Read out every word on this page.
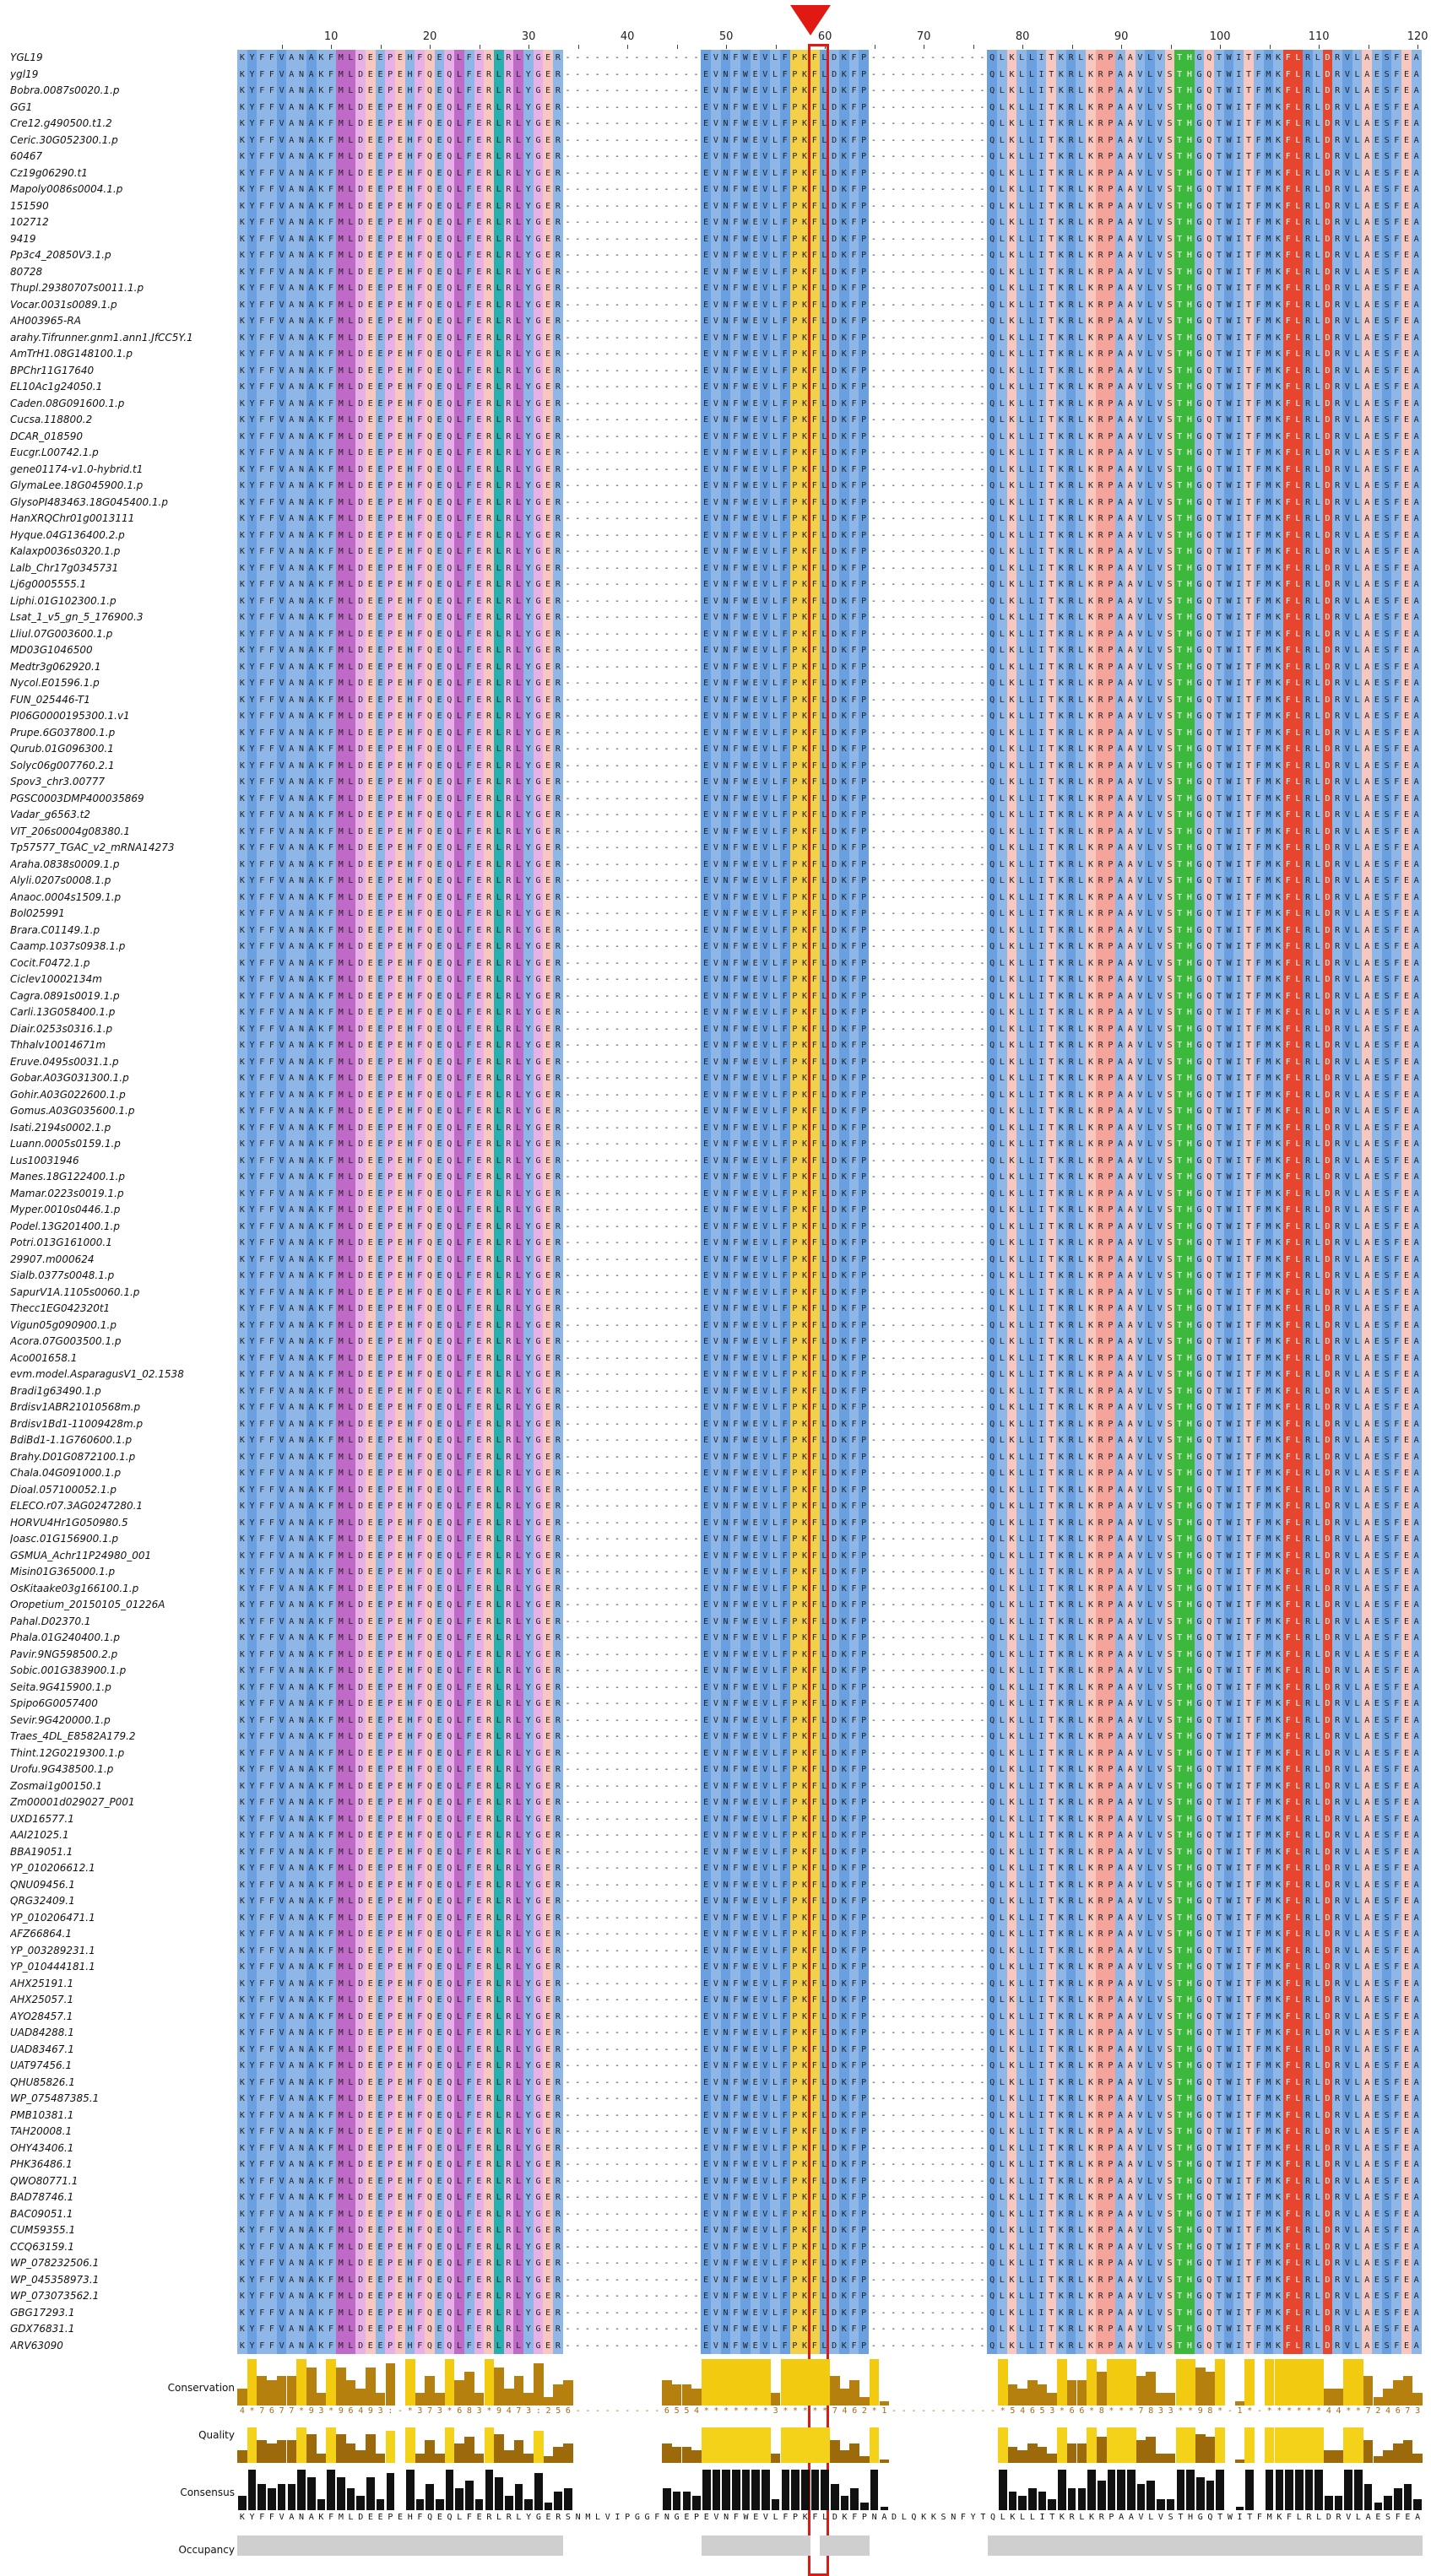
10	20	30	40	50	60	70	80	90	100	110	120
YGL19
ygl19
Bobra.0087s0020.1.p
GG1
Cre12.g490500.t1.2
Ceric.30G052300.1.p
60467
Cz19g06290.t1
Mapoly0086s0004.1.p
151590
102712
9419
Pp3c4_20850V3.1.p
80728
Thupl.29380707s0011.1.p
Vocar.0031s0089.1.p
AH003965-RA
arahy.Tifrunner.gnm1.ann1.JfCC5Y.1
AmTrH1.08G148100.1.p
BPChr11G17640
EL10Ac1g24050.1
Caden.08G091600.1.p
Cucsa.118800.2
DCAR_018590
Eucgr.L00742.1.p
gene01174-v1.0-hybrid.t1
GlymaLee.18G045900.1.p
GlysoPI483463.18G045400.1.p
HanXRQChr01g0013111
Hyque.04G136400.2.p
Kalaxp0036s0320.1.p
Lalb_Chr17g0345731
Lj6g0005555.1
Liphi.01G102300.1.p
Lsat_1_v5_gn_5_176900.3
Lliul.07G003600.1.p
MD03G1046500
Medtr3g062920.1
Nycol.E01596.1.p
FUN_025446-T1
PI06G0000195300.1.v1
Prupe.6G037800.1.p
Qurub.01G096300.1
Solyc06g007760.2.1
Spov3_chr3.00777
PGSC0003DMP400035869
Vadar_g6563.t2
VIT_206s0004g08380.1
Tp57577_TGAC_v2_mRNA14273
Araha.0838s0009.1.p
Alyli.0207s0008.1.p
Anaoc.0004s1509.1.p
Bol025991
Brara.C01149.1.p
Caamp.1037s0938.1.p
Cocit.F0472.1.p
Ciclev10002134m
Cagra.0891s0019.1.p
Carli.13G058400.1.p
Diair.0253s0316.1.p
Thhalv10014671m
Eruve.0495s0031.1.p
Gobar.A03G031300.1.p
Gohir.A03G022600.1.p
Gomus.A03G035600.1.p
Isati.2194s0002.1.p
Luann.0005s0159.1.p
Lus10031946
Manes.18G122400.1.p
Mamar.0223s0019.1.p
Myper.0010s0446.1.p
Podel.13G201400.1.p
Potri.013G161000.1
29907.m000624
Sialb.0377s0048.1.p
SapurV1A.1105s0060.1.p
Thecc1EG042320t1
Vigun05g090900.1.p
Acora.07G003500.1.p
Aco001658.1
evm.model.AsparagusV1_02.1538
Bradi1g63490.1.p
Brdisv1ABR21010568m.p
Brdisv1Bd1-11009428m.p
BdiBd1-1.1G760600.1.p
Brahy.D01G0872100.1.p
Chala.04G091000.1.p
Dioal.057100052.1.p
ELECO.r07.3AG0247280.1
HORVU4Hr1G050980.5
Joasc.01G156900.1.p
GSMUA_Achr11P24980_001
Misin01G365000.1.p
OsKitaake03g166100.1.p
Oropetium_20150105_01226A
Pahal.D02370.1
Phala.01G240400.1.p
Pavir.9NG598500.2.p
Sobic.001G383900.1.p
Seita.9G415900.1.p
Spipo6G0057400
Sevir.9G420000.1.p
Traes_4DL_E8582A179.2
Thint.12G0219300.1.p
Urofu.9G438500.1.p
Zosmai1g00150.1
Zm00001d029027_P001
UXD16577.1
AAI21025.1
BBA19051.1
YP_010206612.1
QNU09456.1
QRG32409.1
YP_010206471.1
AFZ66864.1
YP_003289231.1
YP_010444181.1
AHX25191.1
AHX25057.1
AYO28457.1
UAD84288.1
UAD83467.1
UAT97456.1
QHU85826.1
WP_075487385.1
PMB10381.1
TAH20008.1
OHY43406.1
PHK36486.1
QWO80771.1
BAD78746.1
BAC09051.1
CUM59355.1
CCQ63159.1
WP_078232506.1
WP_045358973.1
WP_073073562.1
GBG17293.1
GDX76831.1
ARV63090
K Y F F V A N A K F M L D E E P E H F Q E Q L F E R L R L Y G E R - - - - - - - - - - - - - - E V N F W E V L F P K F L D K F P - - - - - - - - - - - - Q L K L L I T K R L K R P A A V L V S T H G Q T W I T F M K F L R L D R V L A E S F E A
K Y F F V A N A K F M L D E E P E H F Q E Q L F E R L R L Y G E R - - - - - - - - - - - - - - E V N F W E V L F P K F L D K F P - - - - - - - - - - - - Q L K L L I T K R L K R P A A V L V S T H G Q T W I T F M K F L R L D R V L A E S F E A
K Y F F V A N A K F M L D E E P E H F Q E Q L F E R L R L Y G E R - - - - - - - - - - - - - - E V N F W E V L F P K F L D K F P - - - - - - - - - - - - Q L K L L I T K R L K R P A A V L V S T H G Q T W I T F M K F L R L D R V L A E S F E A
K Y F F V A N A K F M L D E E P E H F Q E Q L F E R L R L Y G E R - - - - - - - - - - - - - - E V N F W E V L F P K F L D K F P - - - - - - - - - - - - Q L K L L I T K R L K R P A A V L V S T H G Q T W I T F M K F L R L D R V L A E S F E A
K Y F F V A N A K F M L D E E P E H F Q E Q L F E R L R L Y G E R - - - - - - - - - - - - - - E V N F W E V L F P K F L D K F P - - - - - - - - - - - - Q L K L L I T K R L K R P A A V L V S T H G Q T W I T F M K F L R L D R V L A E S F E A
K Y F F V A N A K F M L D E E P E H F Q E Q L F E R L R L Y G E R - - - - - - - - - - - - - - E V N F W E V L F P K F L D K F P - - - - - - - - - - - - Q L K L L I T K R L K R P A A V L V S T H G Q T W I T F M K F L R L D R V L A E S F E A
K Y F F V A N A K F M L D E E P E H F Q E Q L F E R L R L Y G E R - - - - - - - - - - - - - - E V N F W E V L F P K F L D K F P - - - - - - - - - - - - Q L K L L I T K R L K R P A A V L V S T H G Q T W I T F M K F L R L D R V L A E S F E A
K Y F F V A N A K F M L D E E P E H F Q E Q L F E R L R L Y G E R - - - - - - - - - - - - - - E V N F W E V L F P K F L D K F P - - - - - - - - - - - - Q L K L L I T K R L K R P A A V L V S T H G Q T W I T F M K F L R L D R V L A E S F E A
K Y F F V A N A K F M L D E E P E H F Q E Q L F E R L R L Y G E R - - - - - - - - - - - - - - E V N F W E V L F P K F L D K F P - - - - - - - - - - - - Q L K L L I T K R L K R P A A V L V S T H G Q T W I T F M K F L R L D R V L A E S F E A
K Y F F V A N A K F M L D E E P E H F Q E Q L F E R L R L Y G E R - - - - - - - - - - - - - - E V N F W E V L F P K F L D K F P - - - - - - - - - - - - Q L K L L I T K R L K R P A A V L V S T H G Q T W I T F M K F L R L D R V L A E S F E A
K Y F F V A N A K F M L D E E P E H F Q E Q L F E R L R L Y G E R - - - - - - - - - - - - - - E V N F W E V L F P K F L D K F P - - - - - - - - - - - - Q L K L L I T K R L K R P A A V L V S T H G Q T W I T F M K F L R L D R V L A E S F E A
K Y F F V A N A K F M L D E E P E H F Q E Q L F E R L R L Y G E R - - - - - - - - - - - - - - E V N F W E V L F P K F L D K F P - - - - - - - - - - - - Q L K L L I T K R L K R P A A V L V S T H G Q T W I T F M K F L R L D R V L A E S F E A
K Y F F V A N A K F M L D E E P E H F Q E Q L F E R L R L Y G E R - - - - - - - - - - - - - - E V N F W E V L F P K F L D K F P - - - - - - - - - - - - Q L K L L I T K R L K R P A A V L V S T H G Q T W I T F M K F L R L D R V L A E S F E A
K Y F F V A N A K F M L D E E P E H F Q E Q L F E R L R L Y G E R - - - - - - - - - - - - - - E V N F W E V L F P K F L D K F P - - - - - - - - - - - - Q L K L L I T K R L K R P A A V L V S T H G Q T W I T F M K F L R L D R V L A E S F E A
K Y F F V A N A K F M L D E E P E H F Q E Q L F E R L R L Y G E R - - - - - - - - - - - - - - E V N F W E V L F P K F L D K F P - - - - - - - - - - - - Q L K L L I T K R L K R P A A V L V S T H G Q T W I T F M K F L R L D R V L A E S F E A
K Y F F V A N A K F M L D E E P E H F Q E Q L F E R L R L Y G E R - - - - - - - - - - - - - - E V N F W E V L F P K F L D K F P - - - - - - - - - - - - Q L K L L I T K R L K R P A A V L V S T H G Q T W I T F M K F L R L D R V L A E S F E A
K Y F F V A N A K F M L D E E P E H F Q E Q L F E R L R L Y G E R - - - - - - - - - - - - - - E V N F W E V L F P K F L D K F P - - - - - - - - - - - - Q L K L L I T K R L K R P A A V L V S T H G Q T W I T F M K F L R L D R V L A E S F E A
K Y F F V A N A K F M L D E E P E H F Q E Q L F E R L R L Y G E R - - - - - - - - - - - - - - E V N F W E V L F P K F L D K F P - - - - - - - - - - - - Q L K L L I T K R L K R P A A V L V S T H G Q T W I T F M K F L R L D R V L A E S F E A
K Y F F V A N A K F M L D E E P E H F Q E Q L F E R L R L Y G E R - - - - - - - - - - - - - - E V N F W E V L F P K F L D K F P - - - - - - - - - - - - Q L K L L I T K R L K R P A A V L V S T H G Q T W I T F M K F L R L D R V L A E S F E A
K Y F F V A N A K F M L D E E P E H F Q E Q L F E R L R L Y G E R - - - - - - - - - - - - - - E V N F W E V L F P K F L D K F P - - - - - - - - - - - - Q L K L L I T K R L K R P A A V L V S T H G Q T W I T F M K F L R L D R V L A E S F E A
K Y F F V A N A K F M L D E E P E H F Q E Q L F E R L R L Y G E R - - - - - - - - - - - - - - E V N F W E V L F P K F L D K F P - - - - - - - - - - - - Q L K L L I T K R L K R P A A V L V S T H G Q T W I T F M K F L R L D R V L A E S F E A
K Y F F V A N A K F M L D E E P E H F Q E Q L F E R L R L Y G E R - - - - - - - - - - - - - - E V N F W E V L F P K F L D K F P - - - - - - - - - - - - Q L K L L I T K R L K R P A A V L V S T H G Q T W I T F M K F L R L D R V L A E S F E A
K Y F F V A N A K F M L D E E P E H F Q E Q L F E R L R L Y G E R - - - - - - - - - - - - - - E V N F W E V L F P K F L D K F P - - - - - - - - - - - - Q L K L L I T K R L K R P A A V L V S T H G Q T W I T F M K F L R L D R V L A E S F E A
K Y F F V A N A K F M L D E E P E H F Q E Q L F E R L R L Y G E R - - - - - - - - - - - - - - E V N F W E V L F P K F L D K F P - - - - - - - - - - - - Q L K L L I T K R L K R P A A V L V S T H G Q T W I T F M K F L R L D R V L A E S F E A
K Y F F V A N A K F M L D E E P E H F Q E Q L F E R L R L Y G E R - - - - - - - - - - - - - - E V N F W E V L F P K F L D K F P - - - - - - - - - - - - Q L K L L I T K R L K R P A A V L V S T H G Q T W I T F M K F L R L D R V L A E S F E A
K Y F F V A N A K F M L D E E P E H F Q E Q L F E R L R L Y G E R - - - - - - - - - - - - - - E V N F W E V L F P K F L D K F P - - - - - - - - - - - - Q L K L L I T K R L K R P A A V L V S T H G Q T W I T F M K F L R L D R V L A E S F E A
K Y F F V A N A K F M L D E E P E H F Q E Q L F E R L R L Y G E R - - - - - - - - - - - - - - E V N F W E V L F P K F L D K F P - - - - - - - - - - - - Q L K L L I T K R L K R P A A V L V S T H G Q T W I T F M K F L R L D R V L A E S F E A
K Y F F V A N A K F M L D E E P E H F Q E Q L F E R L R L Y G E R - - - - - - - - - - - - - - E V N F W E V L F P K F L D K F P - - - - - - - - - - - - Q L K L L I T K R L K R P A A V L V S T H G Q T W I T F M K F L R L D R V L A E S F E A
K Y F F V A N A K F M L D E E P E H F Q E Q L F E R L R L Y G E R - - - - - - - - - - - - - - E V N F W E V L F P K F L D K F P - - - - - - - - - - - - Q L K L L I T K R L K R P A A V L V S T H G Q T W I T F M K F L R L D R V L A E S F E A
K Y F F V A N A K F M L D E E P E H F Q E Q L F E R L R L Y G E R - - - - - - - - - - - - - - E V N F W E V L F P K F L D K F P - - - - - - - - - - - - Q L K L L I T K R L K R P A A V L V S T H G Q T W I T F M K F L R L D R V L A E S F E A
K Y F F V A N A K F M L D E E P E H F Q E Q L F E R L R L Y G E R - - - - - - - - - - - - - - E V N F W E V L F P K F L D K F P - - - - - - - - - - - - Q L K L L I T K R L K R P A A V L V S T H G Q T W I T F M K F L R L D R V L A E S F E A
K Y F F V A N A K F M L D E E P E H F Q E Q L F E R L R L Y G E R - - - - - - - - - - - - - - E V N F W E V L F P K F L D K F P - - - - - - - - - - - - Q L K L L I T K R L K R P A A V L V S T H G Q T W I T F M K F L R L D R V L A E S F E A
K Y F F V A N A K F M L D E E P E H F Q E Q L F E R L R L Y G E R - - - - - - - - - - - - - - E V N F W E V L F P K F L D K F P - - - - - - - - - - - - Q L K L L I T K R L K R P A A V L V S T H G Q T W I T F M K F L R L D R V L A E S F E A
K Y F F V A N A K F M L D E E P E H F Q E Q L F E R L R L Y G E R - - - - - - - - - - - - - - E V N F W E V L F P K F L D K F P - - - - - - - - - - - - Q L K L L I T K R L K R P A A V L V S T H G Q T W I T F M K F L R L D R V L A E S F E A
K Y F F V A N A K F M L D E E P E H F Q E Q L F E R L R L Y G E R - - - - - - - - - - - - - - E V N F W E V L F P K F L D K F P - - - - - - - - - - - - Q L K L L I T K R L K R P A A V L V S T H G Q T W I T F M K F L R L D R V L A E S F E A
K Y F F V A N A K F M L D E E P E H F Q E Q L F E R L R L Y G E R - - - - - - - - - - - - - - E V N F W E V L F P K F L D K F P - - - - - - - - - - - - Q L K L L I T K R L K R P A A V L V S T H G Q T W I T F M K F L R L D R V L A E S F E A
K Y F F V A N A K F M L D E E P E H F Q E Q L F E R L R L Y G E R - - - - - - - - - - - - - - E V N F W E V L F P K F L D K F P - - - - - - - - - - - - Q L K L L I T K R L K R P A A V L V S T H G Q T W I T F M K F L R L D R V L A E S F E A
K Y F F V A N A K F M L D E E P E H F Q E Q L F E R L R L Y G E R - - - - - - - - - - - - - - E V N F W E V L F P K F L D K F P - - - - - - - - - - - - Q L K L L I T K R L K R P A A V L V S T H G Q T W I T F M K F L R L D R V L A E S F E A
K Y F F V A N A K F M L D E E P E H F Q E Q L F E R L R L Y G E R - - - - - - - - - - - - - - E V N F W E V L F P K F L D K F P - - - - - - - - - - - - Q L K L L I T K R L K R P A A V L V S T H G Q T W I T F M K F L R L D R V L A E S F E A
K Y F F V A N A K F M L D E E P E H F Q E Q L F E R L R L Y G E R - - - - - - - - - - - - - - E V N F W E V L F P K F L D K F P - - - - - - - - - - - - Q L K L L I T K R L K R P A A V L V S T H G Q T W I T F M K F L R L D R V L A E S F E A
K Y F F V A N A K F M L D E E P E H F Q E Q L F E R L R L Y G E R - - - - - - - - - - - - - - E V N F W E V L F P K F L D K F P - - - - - - - - - - - - Q L K L L I T K R L K R P A A V L V S T H G Q T W I T F M K F L R L D R V L A E S F E A
K Y F F V A N A K F M L D E E P E H F Q E Q L F E R L R L Y G E R - - - - - - - - - - - - - - E V N F W E V L F P K F L D K F P - - - - - - - - - - - - Q L K L L I T K R L K R P A A V L V S T H G Q T W I T F M K F L R L D R V L A E S F E A
K Y F F V A N A K F M L D E E P E H F Q E Q L F E R L R L Y G E R - - - - - - - - - - - - - - E V N F W E V L F P K F L D K F P - - - - - - - - - - - - Q L K L L I T K R L K R P A A V L V S T H G Q T W I T F M K F L R L D R V L A E S F E A
K Y F F V A N A K F M L D E E P E H F Q E Q L F E R L R L Y G E R - - - - - - - - - - - - - - E V N F W E V L F P K F L D K F P - - - - - - - - - - - - Q L K L L I T K R L K R P A A V L V S T H G Q T W I T F M K F L R L D R V L A E S F E A
K Y F F V A N A K F M L D E E P E H F Q E Q L F E R L R L Y G E R - - - - - - - - - - - - - - E V N F W E V L F P K F L D K F P - - - - - - - - - - - - Q L K L L I T K R L K R P A A V L V S T H G Q T W I T F M K F L R L D R V L A E S F E A
K Y F F V A N A K F M L D E E P E H F Q E Q L F E R L R L Y G E R - - - - - - - - - - - - - - E V N F W E V L F P K F L D K F P - - - - - - - - - - - - Q L K L L I T K R L K R P A A V L V S T H G Q T W I T F M K F L R L D R V L A E S F E A
K Y F F V A N A K F M L D E E P E H F Q E Q L F E R L R L Y G E R - - - - - - - - - - - - - - E V N F W E V L F P K F L D K F P - - - - - - - - - - - - Q L K L L I T K R L K R P A A V L V S T H G Q T W I T F M K F L R L D R V L A E S F E A
K Y F F V A N A K F M L D E E P E H F Q E Q L F E R L R L Y G E R - - - - - - - - - - - - - - E V N F W E V L F P K F L D K F P - - - - - - - - - - - - Q L K L L I T K R L K R P A A V L V S T H G Q T W I T F M K F L R L D R V L A E S F E A
K Y F F V A N A K F M L D E E P E H F Q E Q L F E R L R L Y G E R - - - - - - - - - - - - - - E V N F W E V L F P K F L D K F P - - - - - - - - - - - - Q L K L L I T K R L K R P A A V L V S T H G Q T W I T F M K F L R L D R V L A E S F E A
K Y F F V A N A K F M L D E E P E H F Q E Q L F E R L R L Y G E R - - - - - - - - - - - - - - E V N F W E V L F P K F L D K F P - - - - - - - - - - - - Q L K L L I T K R L K R P A A V L V S T H G Q T W I T F M K F L R L D R V L A E S F E A
K Y F F V A N A K F M L D E E P E H F Q E Q L F E R L R L Y G E R - - - - - - - - - - - - - - E V N F W E V L F P K F L D K F P - - - - - - - - - - - - Q L K L L I T K R L K R P A A V L V S T H G Q T W I T F M K F L R L D R V L A E S F E A
K Y F F V A N A K F M L D E E P E H F Q E Q L F E R L R L Y G E R - - - - - - - - - - - - - - E V N F W E V L F P K F L D K F P - - - - - - - - - - - - Q L K L L I T K R L K R P A A V L V S T H G Q T W I T F M K F L R L D R V L A E S F E A
K Y F F V A N A K F M L D E E P E H F Q E Q L F E R L R L Y G E R - - - - - - - - - - - - - - E V N F W E V L F P K F L D K F P - - - - - - - - - - - - Q L K L L I T K R L K R P A A V L V S T H G Q T W I T F M K F L R L D R V L A E S F E A
K Y F F V A N A K F M L D E E P E H F Q E Q L F E R L R L Y G E R - - - - - - - - - - - - - - E V N F W E V L F P K F L D K F P - - - - - - - - - - - - Q L K L L I T K R L K R P A A V L V S T H G Q T W I T F M K F L R L D R V L A E S F E A
K Y F F V A N A K F M L D E E P E H F Q E Q L F E R L R L Y G E R - - - - - - - - - - - - - - E V N F W E V L F P K F L D K F P - - - - - - - - - - - - Q L K L L I T K R L K R P A A V L V S T H G Q T W I T F M K F L R L D R V L A E S F E A
K Y F F V A N A K F M L D E E P E H F Q E Q L F E R L R L Y G E R - - - - - - - - - - - - - - E V N F W E V L F P K F L D K F P - - - - - - - - - - - - Q L K L L I T K R L K R P A A V L V S T H G Q T W I T F M K F L R L D R V L A E S F E A
K Y F F V A N A K F M L D E E P E H F Q E Q L F E R L R L Y G E R - - - - - - - - - - - - - - E V N F W E V L F P K F L D K F P - - - - - - - - - - - - Q L K L L I T K R L K R P A A V L V S T H G Q T W I T F M K F L R L D R V L A E S F E A
K Y F F V A N A K F M L D E E P E H F Q E Q L F E R L R L Y G E R - - - - - - - - - - - - - - E V N F W E V L F P K F L D K F P - - - - - - - - - - - - Q L K L L I T K R L K R P A A V L V S T H G Q T W I T F M K F L R L D R V L A E S F E A
K Y F F V A N A K F M L D E E P E H F Q E Q L F E R L R L Y G E R - - - - - - - - - - - - - - E V N F W E V L F P K F L D K F P - - - - - - - - - - - - Q L K L L I T K R L K R P A A V L V S T H G Q T W I T F M K F L R L D R V L A E S F E A
K Y F F V A N A K F M L D E E P E H F Q E Q L F E R L R L Y G E R - - - - - - - - - - - - - - E V N F W E V L F P K F L D K F P - - - - - - - - - - - - Q L K L L I T K R L K R P A A V L V S T H G Q T W I T F M K F L R L D R V L A E S F E A
K Y F F V A N A K F M L D E E P E H F Q E Q L F E R L R L Y G E R - - - - - - - - - - - - - - E V N F W E V L F P K F L D K F P - - - - - - - - - - - - Q L K L L I T K R L K R P A A V L V S T H G Q T W I T F M K F L R L D R V L A E S F E A
K Y F F V A N A K F M L D E E P E H F Q E Q L F E R L R L Y G E R - - - - - - - - - - - - - - E V N F W E V L F P K F L D K F P - - - - - - - - - - - - Q L K L L I T K R L K R P A A V L V S T H G Q T W I T F M K F L R L D R V L A E S F E A
K Y F F V A N A K F M L D E E P E H F Q E Q L F E R L R L Y G E R - - - - - - - - - - - - - - E V N F W E V L F P K F L D K F P - - - - - - - - - - - - Q L K L L I T K R L K R P A A V L V S T H G Q T W I T F M K F L R L D R V L A E S F E A
K Y F F V A N A K F M L D E E P E H F Q E Q L F E R L R L Y G E R - - - - - - - - - - - - - - E V N F W E V L F P K F L D K F P - - - - - - - - - - - - Q L K L L I T K R L K R P A A V L V S T H G Q T W I T F M K F L R L D R V L A E S F E A
K Y F F V A N A K F M L D E E P E H F Q E Q L F E R L R L Y G E R - - - - - - - - - - - - - - E V N F W E V L F P K F L D K F P - - - - - - - - - - - - Q L K L L I T K R L K R P A A V L V S T H G Q T W I T F M K F L R L D R V L A E S F E A
K Y F F V A N A K F M L D E E P E H F Q E Q L F E R L R L Y G E R - - - - - - - - - - - - - - E V N F W E V L F P K F L D K F P - - - - - - - - - - - - Q L K L L I T K R L K R P A A V L V S T H G Q T W I T F M K F L R L D R V L A E S F E A
K Y F F V A N A K F M L D E E P E H F Q E Q L F E R L R L Y G E R - - - - - - - - - - - - - - E V N F W E V L F P K F L D K F P - - - - - - - - - - - - Q L K L L I T K R L K R P A A V L V S T H G Q T W I T F M K F L R L D R V L A E S F E A
K Y F F V A N A K F M L D E E P E H F Q E Q L F E R L R L Y G E R - - - - - - - - - - - - - - E V N F W E V L F P K F L D K F P - - - - - - - - - - - - Q L K L L I T K R L K R P A A V L V S T H G Q T W I T F M K F L R L D R V L A E S F E A
K Y F F V A N A K F M L D E E P E H F Q E Q L F E R L R L Y G E R - - - - - - - - - - - - - - E V N F W E V L F P K F L D K F P - - - - - - - - - - - - Q L K L L I T K R L K R P A A V L V S T H G Q T W I T F M K F L R L D R V L A E S F E A
K Y F F V A N A K F M L D E E P E H F Q E Q L F E R L R L Y G E R - - - - - - - - - - - - - - E V N F W E V L F P K F L D K F P - - - - - - - - - - - - Q L K L L I T K R L K R P A A V L V S T H G Q T W I T F M K F L R L D R V L A E S F E A
K Y F F V A N A K F M L D E E P E H F Q E Q L F E R L R L Y G E R - - - - - - - - - - - - - - E V N F W E V L F P K F L D K F P - - - - - - - - - - - - Q L K L L I T K R L K R P A A V L V S T H G Q T W I T F M K F L R L D R V L A E S F E A
K Y F F V A N A K F M L D E E P E H F Q E Q L F E R L R L Y G E R - - - - - - - - - - - - - - E V N F W E V L F P K F L D K F P - - - - - - - - - - - - Q L K L L I T K R L K R P A A V L V S T H G Q T W I T F M K F L R L D R V L A E S F E A
K Y F F V A N A K F M L D E E P E H F Q E Q L F E R L R L Y G E R - - - - - - - - - - - - - - E V N F W E V L F P K F L D K F P - - - - - - - - - - - - Q L K L L I T K R L K R P A A V L V S T H G Q T W I T F M K F L R L D R V L A E S F E A
K Y F F V A N A K F M L D E E P E H F Q E Q L F E R L R L Y G E R - - - - - - - - - - - - - - E V N F W E V L F P K F L D K F P - - - - - - - - - - - - Q L K L L I T K R L K R P A A V L V S T H G Q T W I T F M K F L R L D R V L A E S F E A
K Y F F V A N A K F M L D E E P E H F Q E Q L F E R L R L Y G E R - - - - - - - - - - - - - - E V N F W E V L F P K F L D K F P - - - - - - - - - - - - Q L K L L I T K R L K R P A A V L V S T H G Q T W I T F M K F L R L D R V L A E S F E A
K Y F F V A N A K F M L D E E P E H F Q E Q L F E R L R L Y G E R - - - - - - - - - - - - - - E V N F W E V L F P K F L D K F P - - - - - - - - - - - - Q L K L L I T K R L K R P A A V L V S T H G Q T W I T F M K F L R L D R V L A E S F E A
K Y F F V A N A K F M L D E E P E H F Q E Q L F E R L R L Y G E R - - - - - - - - - - - - - - E V N F W E V L F P K F L D K F P - - - - - - - - - - - - Q L K L L I T K R L K R P A A V L V S T H G Q T W I T F M K F L R L D R V L A E S F E A
K Y F F V A N A K F M L D E E P E H F Q E Q L F E R L R L Y G E R - - - - - - - - - - - - - - E V N F W E V L F P K F L D K F P - - - - - - - - - - - - Q L K L L I T K R L K R P A A V L V S T H G Q T W I T F M K F L R L D R V L A E S F E A
K Y F F V A N A K F M L D E E P E H F Q E Q L F E R L R L Y G E R - - - - - - - - - - - - - - E V N F W E V L F P K F L D K F P - - - - - - - - - - - - Q L K L L I T K R L K R P A A V L V S T H G Q T W I T F M K F L R L D R V L A E S F E A
K Y F F V A N A K F M L D E E P E H F Q E Q L F E R L R L Y G E R - - - - - - - - - - - - - - E V N F W E V L F P K F L D K F P - - - - - - - - - - - - Q L K L L I T K R L K R P A A V L V S T H G Q T W I T F M K F L R L D R V L A E S F E A
K Y F F V A N A K F M L D E E P E H F Q E Q L F E R L R L Y G E R - - - - - - - - - - - - - - E V N F W E V L F P K F L D K F P - - - - - - - - - - - - Q L K L L I T K R L K R P A A V L V S T H G Q T W I T F M K F L R L D R V L A E S F E A
K Y F F V A N A K F M L D E E P E H F Q E Q L F E R L R L Y G E R - - - - - - - - - - - - - - E V N F W E V L F P K F L D K F P - - - - - - - - - - - - Q L K L L I T K R L K R P A A V L V S T H G Q T W I T F M K F L R L D R V L A E S F E A
K Y F F V A N A K F M L D E E P E H F Q E Q L F E R L R L Y G E R - - - - - - - - - - - - - - E V N F W E V L F P K F L D K F P - - - - - - - - - - - - Q L K L L I T K R L K R P A A V L V S T H G Q T W I T F M K F L R L D R V L A E S F E A
K Y F F V A N A K F M L D E E P E H F Q E Q L F E R L R L Y G E R - - - - - - - - - - - - - - E V N F W E V L F P K F L D K F P - - - - - - - - - - - - Q L K L L I T K R L K R P A A V L V S T H G Q T W I T F M K F L R L D R V L A E S F E A
K Y F F V A N A K F M L D E E P E H F Q E Q L F E R L R L Y G E R - - - - - - - - - - - - - - E V N F W E V L F P K F L D K F P - - - - - - - - - - - - Q L K L L I T K R L K R P A A V L V S T H G Q T W I T F M K F L R L D R V L A E S F E A
K Y F F V A N A K F M L D E E P E H F Q E Q L F E R L R L Y G E R - - - - - - - - - - - - - - E V N F W E V L F P K F L D K F P - - - - - - - - - - - - Q L K L L I T K R L K R P A A V L V S T H G Q T W I T F M K F L R L D R V L A E S F E A
K Y F F V A N A K F M L D E E P E H F Q E Q L F E R L R L Y G E R - - - - - - - - - - - - - - E V N F W E V L F P K F L D K F P - - - - - - - - - - - - Q L K L L I T K R L K R P A A V L V S T H G Q T W I T F M K F L R L D R V L A E S F E A
K Y F F V A N A K F M L D E E P E H F Q E Q L F E R L R L Y G E R - - - - - - - - - - - - - - E V N F W E V L F P K F L D K F P - - - - - - - - - - - - Q L K L L I T K R L K R P A A V L V S T H G Q T W I T F M K F L R L D R V L A E S F E A
K Y F F V A N A K F M L D E E P E H F Q E Q L F E R L R L Y G E R - - - - - - - - - - - - - - E V N F W E V L F P K F L D K F P - - - - - - - - - - - - Q L K L L I T K R L K R P A A V L V S T H G Q T W I T F M K F L R L D R V L A E S F E A
K Y F F V A N A K F M L D E E P E H F Q E Q L F E R L R L Y G E R - - - - - - - - - - - - - - E V N F W E V L F P K F L D K F P - - - - - - - - - - - - Q L K L L I T K R L K R P A A V L V S T H G Q T W I T F M K F L R L D R V L A E S F E A
K Y F F V A N A K F M L D E E P E H F Q E Q L F E R L R L Y G E R - - - - - - - - - - - - - - E V N F W E V L F P K F L D K F P - - - - - - - - - - - - Q L K L L I T K R L K R P A A V L V S T H G Q T W I T F M K F L R L D R V L A E S F E A
K Y F F V A N A K F M L D E E P E H F Q E Q L F E R L R L Y G E R - - - - - - - - - - - - - - E V N F W E V L F P K F L D K F P - - - - - - - - - - - - Q L K L L I T K R L K R P A A V L V S T H G Q T W I T F M K F L R L D R V L A E S F E A
K Y F F V A N A K F M L D E E P E H F Q E Q L F E R L R L Y G E R - - - - - - - - - - - - - - E V N F W E V L F P K F L D K F P - - - - - - - - - - - - Q L K L L I T K R L K R P A A V L V S T H G Q T W I T F M K F L R L D R V L A E S F E A
K Y F F V A N A K F M L D E E P E H F Q E Q L F E R L R L Y G E R - - - - - - - - - - - - - - E V N F W E V L F P K F L D K F P - - - - - - - - - - - - Q L K L L I T K R L K R P A A V L V S T H G Q T W I T F M K F L R L D R V L A E S F E A
K Y F F V A N A K F M L D E E P E H F Q E Q L F E R L R L Y G E R - - - - - - - - - - - - - - E V N F W E V L F P K F L D K F P - - - - - - - - - - - - Q L K L L I T K R L K R P A A V L V S T H G Q T W I T F M K F L R L D R V L A E S F E A
K Y F F V A N A K F M L D E E P E H F Q E Q L F E R L R L Y G E R - - - - - - - - - - - - - - E V N F W E V L F P K F L D K F P - - - - - - - - - - - - Q L K L L I T K R L K R P A A V L V S T H G Q T W I T F M K F L R L D R V L A E S F E A
K Y F F V A N A K F M L D E E P E H F Q E Q L F E R L R L Y G E R - - - - - - - - - - - - - - E V N F W E V L F P K F L D K F P - - - - - - - - - - - - Q L K L L I T K R L K R P A A V L V S T H G Q T W I T F M K F L R L D R V L A E S F E A
K Y F F V A N A K F M L D E E P E H F Q E Q L F E R L R L Y G E R - - - - - - - - - - - - - - E V N F W E V L F P K F L D K F P - - - - - - - - - - - - Q L K L L I T K R L K R P A A V L V S T H G Q T W I T F M K F L R L D R V L A E S F E A
K Y F F V A N A K F M L D E E P E H F Q E Q L F E R L R L Y G E R - - - - - - - - - - - - - - E V N F W E V L F P K F L D K F P - - - - - - - - - - - - Q L K L L I T K R L K R P A A V L V S T H G Q T W I T F M K F L R L D R V L A E S F E A
K Y F F V A N A K F M L D E E P E H F Q E Q L F E R L R L Y G E R - - - - - - - - - - - - - - E V N F W E V L F P K F L D K F P - - - - - - - - - - - - Q L K L L I T K R L K R P A A V L V S T H G Q T W I T F M K F L R L D R V L A E S F E A
K Y F F V A N A K F M L D E E P E H F Q E Q L F E R L R L Y G E R - - - - - - - - - - - - - - E V N F W E V L F P K F L D K F P - - - - - - - - - - - - Q L K L L I T K R L K R P A A V L V S T H G Q T W I T F M K F L R L D R V L A E S F E A
K Y F F V A N A K F M L D E E P E H F Q E Q L F E R L R L Y G E R - - - - - - - - - - - - - - E V N F W E V L F P K F L D K F P - - - - - - - - - - - - Q L K L L I T K R L K R P A A V L V S T H G Q T W I T F M K F L R L D R V L A E S F E A
K Y F F V A N A K F M L D E E P E H F Q E Q L F E R L R L Y G E R - - - - - - - - - - - - - - E V N F W E V L F P K F L D K F P - - - - - - - - - - - - Q L K L L I T K R L K R P A A V L V S T H G Q T W I T F M K F L R L D R V L A E S F E A
K Y F F V A N A K F M L D E E P E H F Q E Q L F E R L R L Y G E R - - - - - - - - - - - - - - E V N F W E V L F P K F L D K F P - - - - - - - - - - - - Q L K L L I T K R L K R P A A V L V S T H G Q T W I T F M K F L R L D R V L A E S F E A
K Y F F V A N A K F M L D E E P E H F Q E Q L F E R L R L Y G E R - - - - - - - - - - - - - - E V N F W E V L F P K F L D K F P - - - - - - - - - - - - Q L K L L I T K R L K R P A A V L V S T H G Q T W I T F M K F L R L D R V L A E S F E A
K Y F F V A N A K F M L D E E P E H F Q E Q L F E R L R L Y G E R - - - - - - - - - - - - - - E V N F W E V L F P K F L D K F P - - - - - - - - - - - - Q L K L L I T K R L K R P A A V L V S T H G Q T W I T F M K F L R L D R V L A E S F E A
K Y F F V A N A K F M L D E E P E H F Q E Q L F E R L R L Y G E R - - - - - - - - - - - - - - E V N F W E V L F P K F L D K F P - - - - - - - - - - - - Q L K L L I T K R L K R P A A V L V S T H G Q T W I T F M K F L R L D R V L A E S F E A
K Y F F V A N A K F M L D E E P E H F Q E Q L F E R L R L Y G E R - - - - - - - - - - - - - - E V N F W E V L F P K F L D K F P - - - - - - - - - - - - Q L K L L I T K R L K R P A A V L V S T H G Q T W I T F M K F L R L D R V L A E S F E A
K Y F F V A N A K F M L D E E P E H F Q E Q L F E R L R L Y G E R - - - - - - - - - - - - - - E V N F W E V L F P K F L D K F P - - - - - - - - - - - - Q L K L L I T K R L K R P A A V L V S T H G Q T W I T F M K F L R L D R V L A E S F E A
K Y F F V A N A K F M L D E E P E H F Q E Q L F E R L R L Y G E R - - - - - - - - - - - - - - E V N F W E V L F P K F L D K F P - - - - - - - - - - - - Q L K L L I T K R L K R P A A V L V S T H G Q T W I T F M K F L R L D R V L A E S F E A
K Y F F V A N A K F M L D E E P E H F Q E Q L F E R L R L Y G E R - - - - - - - - - - - - - - E V N F W E V L F P K F L D K F P - - - - - - - - - - - - Q L K L L I T K R L K R P A A V L V S T H G Q T W I T F M K F L R L D R V L A E S F E A
K Y F F V A N A K F M L D E E P E H F Q E Q L F E R L R L Y G E R - - - - - - - - - - - - - - E V N F W E V L F P K F L D K F P - - - - - - - - - - - - Q L K L L I T K R L K R P A A V L V S T H G Q T W I T F M K F L R L D R V L A E S F E A
K Y F F V A N A K F M L D E E P E H F Q E Q L F E R L R L Y G E R - - - - - - - - - - - - - - E V N F W E V L F P K F L D K F P - - - - - - - - - - - - Q L K L L I T K R L K R P A A V L V S T H G Q T W I T F M K F L R L D R V L A E S F E A
K Y F F V A N A K F M L D E E P E H F Q E Q L F E R L R L Y G E R - - - - - - - - - - - - - - E V N F W E V L F P K F L D K F P - - - - - - - - - - - - Q L K L L I T K R L K R P A A V L V S T H G Q T W I T F M K F L R L D R V L A E S F E A
K Y F F V A N A K F M L D E E P E H F Q E Q L F E R L R L Y G E R - - - - - - - - - - - - - - E V N F W E V L F P K F L D K F P - - - - - - - - - - - - Q L K L L I T K R L K R P A A V L V S T H G Q T W I T F M K F L R L D R V L A E S F E A
K Y F F V A N A K F M L D E E P E H F Q E Q L F E R L R L Y G E R - - - - - - - - - - - - - - E V N F W E V L F P K F L D K F P - - - - - - - - - - - - Q L K L L I T K R L K R P A A V L V S T H G Q T W I T F M K F L R L D R V L A E S F E A
K Y F F V A N A K F M L D E E P E H F Q E Q L F E R L R L Y G E R - - - - - - - - - - - - - - E V N F W E V L F P K F L D K F P - - - - - - - - - - - - Q L K L L I T K R L K R P A A V L V S T H G Q T W I T F M K F L R L D R V L A E S F E A
K Y F F V A N A K F M L D E E P E H F Q E Q L F E R L R L Y G E R - - - - - - - - - - - - - - E V N F W E V L F P K F L D K F P - - - - - - - - - - - - Q L K L L I T K R L K R P A A V L V S T H G Q T W I T F M K F L R L D R V L A E S F E A
K Y F F V A N A K F M L D E E P E H F Q E Q L F E R L R L Y G E R - - - - - - - - - - - - - - E V N F W E V L F P K F L D K F P - - - - - - - - - - - - Q L K L L I T K R L K R P A A V L V S T H G Q T W I T F M K F L R L D R V L A E S F E A
K Y F F V A N A K F M L D E E P E H F Q E Q L F E R L R L Y G E R - - - - - - - - - - - - - - E V N F W E V L F P K F L D K F P - - - - - - - - - - - - Q L K L L I T K R L K R P A A V L V S T H G Q T W I T F M K F L R L D R V L A E S F E A
K Y F F V A N A K F M L D E E P E H F Q E Q L F E R L R L Y G E R - - - - - - - - - - - - - - E V N F W E V L F P K F L D K F P - - - - - - - - - - - - Q L K L L I T K R L K R P A A V L V S T H G Q T W I T F M K F L R L D R V L A E S F E A
K Y F F V A N A K F M L D E E P E H F Q E Q L F E R L R L Y G E R - - - - - - - - - - - - - - E V N F W E V L F P K F L D K F P - - - - - - - - - - - - Q L K L L I T K R L K R P A A V L V S T H G Q T W I T F M K F L R L D R V L A E S F E A
K Y F F V A N A K F M L D E E P E H F Q E Q L F E R L R L Y G E R - - - - - - - - - - - - - - E V N F W E V L F P K F L D K F P - - - - - - - - - - - - Q L K L L I T K R L K R P A A V L V S T H G Q T W I T F M K F L R L D R V L A E S F E A
K Y F F V A N A K F M L D E E P E H F Q E Q L F E R L R L Y G E R - - - - - - - - - - - - - - E V N F W E V L F P K F L D K F P - - - - - - - - - - - - Q L K L L I T K R L K R P A A V L V S T H G Q T W I T F M K F L R L D R V L A E S F E A
K Y F F V A N A K F M L D E E P E H F Q E Q L F E R L R L Y G E R - - - - - - - - - - - - - - E V N F W E V L F P K F L D K F P - - - - - - - - - - - - Q L K L L I T K R L K R P A A V L V S T H G Q T W I T F M K F L R L D R V L A E S F E A
K Y F F V A N A K F M L D E E P E H F Q E Q L F E R L R L Y G E R - - - - - - - - - - - - - - E V N F W E V L F P K F L D K F P - - - - - - - - - - - - Q L K L L I T K R L K R P A A V L V S T H G Q T W I T F M K F L R L D R V L A E S F E A
K Y F F V A N A K F M L D E E P E H F Q E Q L F E R L R L Y G E R - - - - - - - - - - - - - - E V N F W E V L F P K F L D K F P - - - - - - - - - - - - Q L K L L I T K R L K R P A A V L V S T H G Q T W I T F M K F L R L D R V L A E S F E A
K Y F F V A N A K F M L D E E P E H F Q E Q L F E R L R L Y G E R - - - - - - - - - - - - - - E V N F W E V L F P K F L D K F P - - - - - - - - - - - - Q L K L L I T K R L K R P A A V L V S T H G Q T W I T F M K F L R L D R V L A E S F E A
K Y F F V A N A K F M L D E E P E H F Q E Q L F E R L R L Y G E R - - - - - - - - - - - - - - E V N F W E V L F P K F L D K F P - - - - - - - - - - - - Q L K L L I T K R L K R P A A V L V S T H G Q T W I T F M K F L R L D R V L A E S F E A
K Y F F V A N A K F M L D E E P E H F Q E Q L F E R L R L Y G E R - - - - - - - - - - - - - - E V N F W E V L F P K F L D K F P - - - - - - - - - - - - Q L K L L I T K R L K R P A A V L V S T H G Q T W I T F M K F L R L D R V L A E S F E A
K Y F F V A N A K F M L D E E P E H F Q E Q L F E R L R L Y G E R - - - - - - - - - - - - - - E V N F W E V L F P K F L D K F P - - - - - - - - - - - - Q L K L L I T K R L K R P A A V L V S T H G Q T W I T F M K F L R L D R V L A E S F E A
K Y F F V A N A K F M L D E E P E H F Q E Q L F E R L R L Y G E R - - - - - - - - - - - - - - E V N F W E V L F P K F L D K F P - - - - - - - - - - - - Q L K L L I T K R L K R P A A V L V S T H G Q T W I T F M K F L R L D R V L A E S F E A
K Y F F V A N A K F M L D E E P E H F Q E Q L F E R L R L Y G E R - - - - - - - - - - - - - - E V N F W E V L F P K F L D K F P - - - - - - - - - - - - Q L K L L I T K R L K R P A A V L V S T H G Q T W I T F M K F L R L D R V L A E S F E A
K Y F F V A N A K F M L D E E P E H F Q E Q L F E R L R L Y G E R - - - - - - - - - - - - - - E V N F W E V L F P K F L D K F P - - - - - - - - - - - - Q L K L L I T K R L K R P A A V L V S T H G Q T W I T F M K F L R L D R V L A E S F E A
K Y F F V A N A K F M L D E E P E H F Q E Q L F E R L R L Y G E R - - - - - - - - - - - - - - E V N F W E V L F P K F L D K F P - - - - - - - - - - - - Q L K L L I T K R L K R P A A V L V S T H G Q T W I T F M K F L R L D R V L A E S F E A
K Y F F V A N A K F M L D E E P E H F Q E Q L F E R L R L Y G E R - - - - - - - - - - - - - - E V N F W E V L F P K F L D K F P - - - - - - - - - - - - Q L K L L I T K R L K R P A A V L V S T H G Q T W I T F M K F L R L D R V L A E S F E A
K Y F F V A N A K F M L D E E P E H F Q E Q L F E R L R L Y G E R - - - - - - - - - - - - - - E V N F W E V L F P K F L D K F P - - - - - - - - - - - - Q L K L L I T K R L K R P A A V L V S T H G Q T W I T F M K F L R L D R V L A E S F E A
K Y F F V A N A K F M L D E E P E H F Q E Q L F E R L R L Y G E R - - - - - - - - - - - - - - E V N F W E V L F P K F L D K F P - - - - - - - - - - - - Q L K L L I T K R L K R P A A V L V S T H G Q T W I T F M K F L R L D R V L A E S F E A
K Y F F V A N A K F M L D E E P E H F Q E Q L F E R L R L Y G E R - - - - - - - - - - - - - - E V N F W E V L F P K F L D K F P - - - - - - - - - - - - Q L K L L I T K R L K R P A A V L V S T H G Q T W I T F M K F L R L D R V L A E S F E A
K Y F F V A N A K F M L D E E P E H F Q E Q L F E R L R L Y G E R - - - - - - - - - - - - - - E V N F W E V L F P K F L D K F P - - - - - - - - - - - - Q L K L L I T K R L K R P A A V L V S T H G Q T W I T F M K F L R L D R V L A E S F E A
Conservation
4 * 7 6 7 7 * 9 3 * 9 6 4 9 3 : - * 3 7 3 * 6 8 3 * 9 4 7 3 : 2 5 6 - - - - - - - - - 6 5 5 4 * * * * * * * 3 * * * * * 7 4 6 2 * 1 - - - - - - - - - - - * 5 4 6 5 3 * 6 6 * 8 * * * 7 8 3 3 * * 9 8 * - 1 * - * * * * * * 4 4 * * 7 2 4 6 7 3
Quality
Consensus
K Y F F V A N A K F M L D E E P E H F Q E Q L F E R L R L Y G E R S N M L V I P G G F N G E P E V N F W E V L F P K F L D K F P N A D L Q K K S N F Y T Q L K L L I T K R L K R P A A V L V S T H G Q T W I T F M K F L R L D R V L A E S F E A
Occupancy
